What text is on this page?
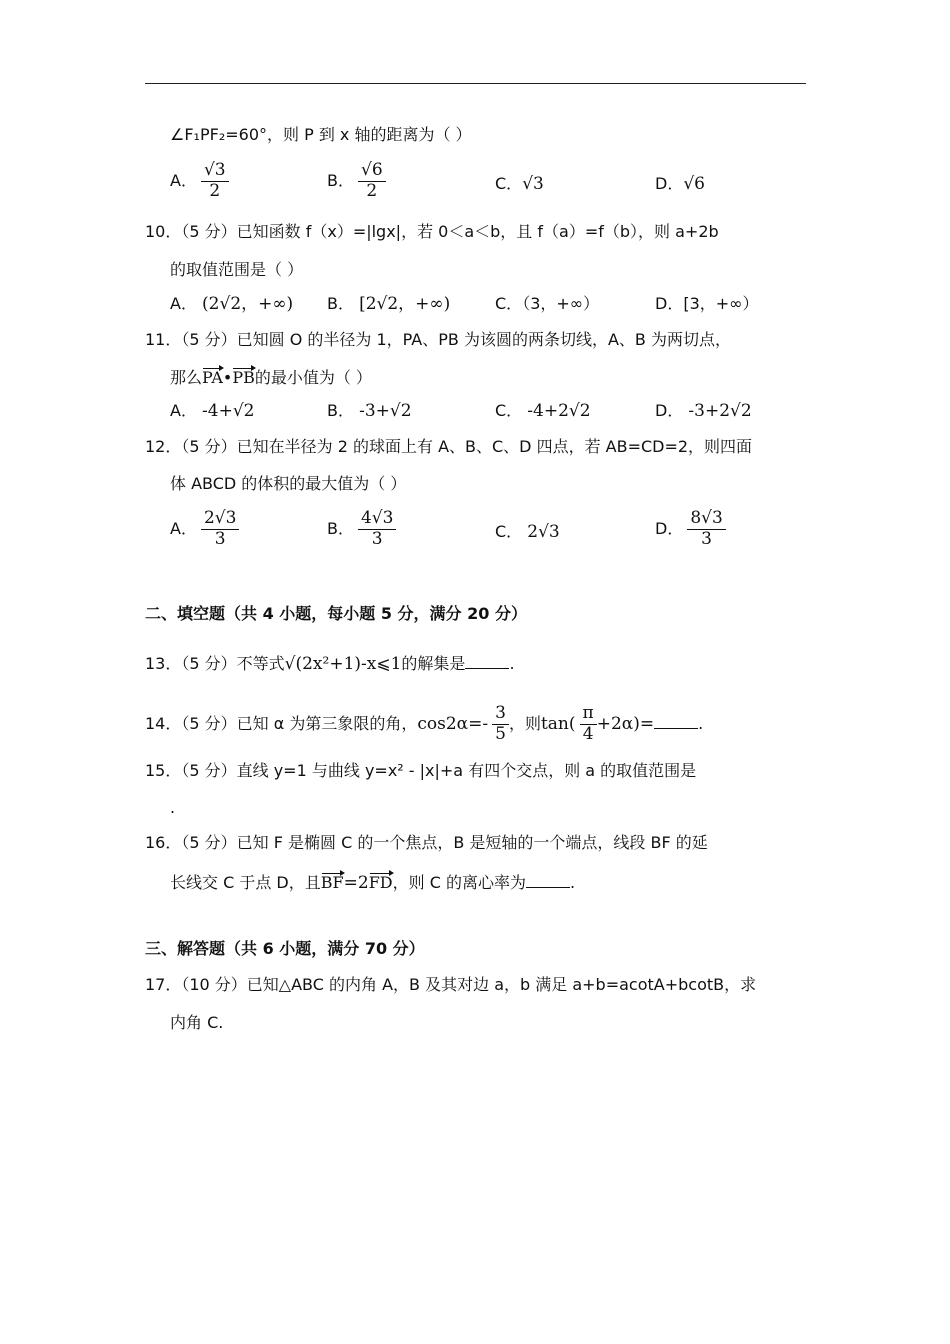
∠F₁PF₂=60°，则 P 到 x 轴的距离为（ ）
A． $\frac{√3}{2}$	B． $\frac{√6}{2}$	C．√3	D．√6
10．（5 分）已知函数 f（x）=|lgx|，若 0＜a＜b，且 f（a）=f（b），则 a+2b
的取值范围是（ ）
A． (2√2，+∞) B． [2√2，+∞)	C．（3，+∞）	D．[3，+∞）
11．（5 分）已知圆 O 的半径为 1，PA、PB 为该圆的两条切线，A、B 为两切点，
那么PA•PB的最小值为（ ）
A． -4+√2	B． -3+√2	C． -4+2√2	D． -3+2√2
12．（5 分）已知在半径为 2 的球面上有 A、B、C、D 四点，若 AB=CD=2，则四面
体 ABCD 的体积的最大值为（ ）
A． $\frac{2√3}{3}$	B． $\frac{4√3}{3}$	C． 2√3	D． $\frac{8√3}{3}$
二、填空题（共 4 小题，每小题 5 分，满分 20 分）
13．（5 分）不等式√(2x²+1)-x⩽1的解集是	.
14．（5 分）已知 α 为第三象限的角，$\cos 2\alpha=- \frac{3}{5}$ ，则$\tan( \frac{\pi}{4} +2\alpha)=$	.
15．（5 分）直线 y=1 与曲线 y=x² - |x|+a 有四个交点，则 a 的取值范围是
.
16．（5 分）已知 F 是椭圆 C 的一个焦点，B 是短轴的一个端点，线段 BF 的延
长线交 C 于点 D，且BF=2FD，则 C 的离心率为	.
三、解答题（共 6 小题，满分 70 分）
17．（10 分）已知△ABC 的内角 A，B 及其对边 a，b 满足 a+b=acotA+bcotB，求
内角 C.
